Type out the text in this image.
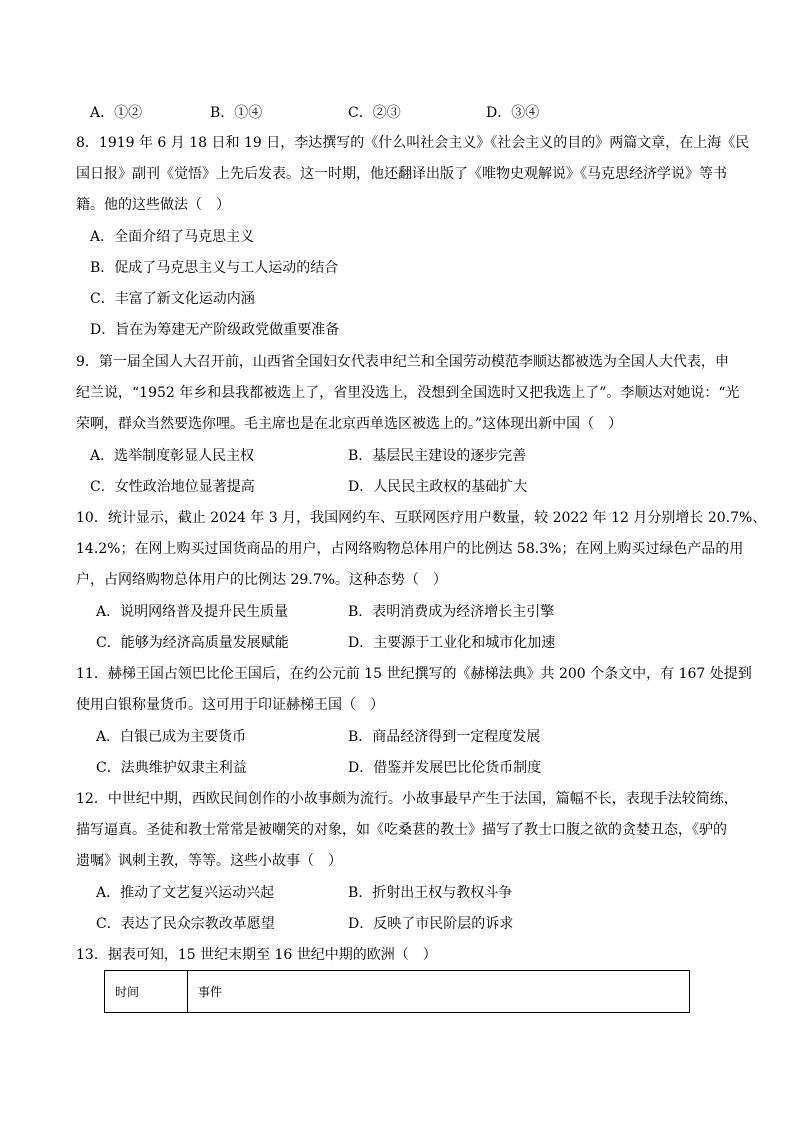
A．①②	B．①④	C．②③	D．③④
8．1919 年 6 月 18 日和 19 日，李达撰写的《什么叫社会主义》《社会主义的目的》两篇文章，在上海《民
国日报》副刊《觉悟》上先后发表。这一时期，他还翻译出版了《唯物史观解说》《马克思经济学说》等书
籍。他的这些做法（　）
A．全面介绍了马克思主义
B．促成了马克思主义与工人运动的结合
C．丰富了新文化运动内涵
D．旨在为筹建无产阶级政党做重要准备
9．第一届全国人大召开前，山西省全国妇女代表申纪兰和全国劳动模范李顺达都被选为全国人大代表，申
纪兰说，“1952 年乡和县我都被选上了，省里没选上，没想到全国选时又把我选上了”。李顺达对她说：“光
荣啊，群众当然要选你哩。毛主席也是在北京西单选区被选上的。”这体现出新中国（　）
A．选举制度彰显人民主权	B．基层民主建设的逐步完善
C．女性政治地位显著提高	D．人民民主政权的基础扩大
10．统计显示，截止 2024 年 3 月，我国网约车、互联网医疗用户数量，较 2022 年 12 月分别增长 20.7%、
14.2%；在网上购买过国货商品的用户，占网络购物总体用户的比例达 58.3%；在网上购买过绿色产品的用
户，占网络购物总体用户的比例达 29.7%。这种态势（　）
A．说明网络普及提升民生质量	B．表明消费成为经济增长主引擎
C．能够为经济高质量发展赋能	D．主要源于工业化和城市化加速
11．赫梯王国占领巴比伦王国后，在约公元前 15 世纪撰写的《赫梯法典》共 200 个条文中，有 167 处提到
使用白银称量货币。这可用于印证赫梯王国（　）
A．白银已成为主要货币	B．商品经济得到一定程度发展
C．法典维护奴隶主利益	D．借鉴并发展巴比伦货币制度
12．中世纪中期，西欧民间创作的小故事颇为流行。小故事最早产生于法国，篇幅不长，表现手法较简练，
描写逼真。圣徒和教士常常是被嘲笑的对象，如《吃桑葚的教士》描写了教士口腹之欲的贪婪丑态，《驴的
遗嘱》讽刺主教，等等。这些小故事（　）
A．推动了文艺复兴运动兴起	B．折射出王权与教权斗争
C．表达了民众宗教改革愿望	D．反映了市民阶层的诉求
13．据表可知，15 世纪末期至 16 世纪中期的欧洲（　）
时间	事件
